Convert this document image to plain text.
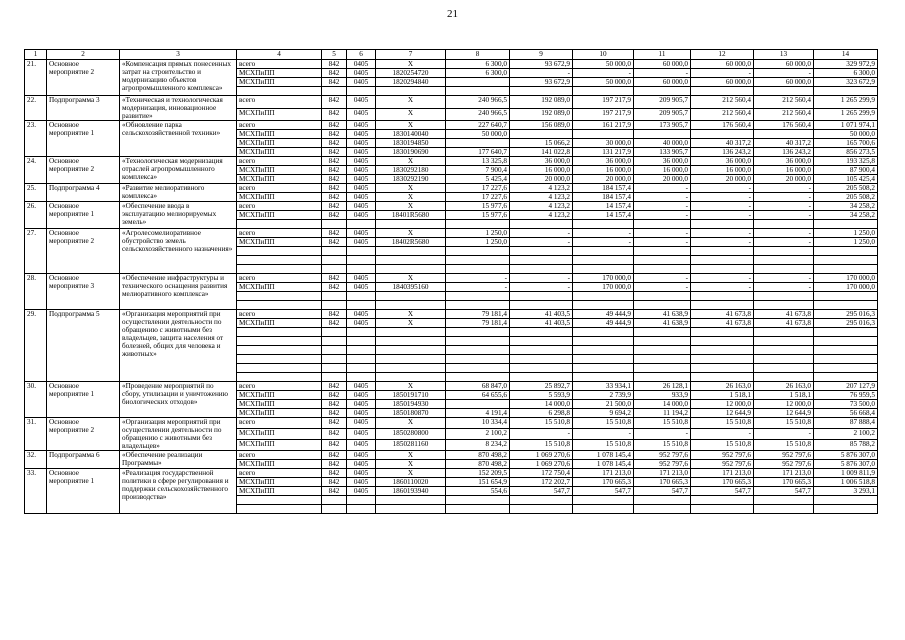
21
1	2	3	4	5	6	7	8	9	10	11	12	13	14
21.	Основное мероприятие 2	«Компенсация прямых понесенных затрат на строительство и модернизацию объектов агропромышленного комплекса»	всего	842	0405	X	6 300,0	93 672,9	50 000,0	60 000,0	60 000,0	60 000,0	329 972,9
			МСХПиПП	842	0405	1820254720	6 300,0	-	-	-	-	-	6 300,0
			МСХПиПП	842	0405	1820294840		93 672,9	50 000,0	60 000,0	60 000,0	60 000,0	323 672,9

22.	Подпрограмма 3	«Техническая и технологическая модернизация, инновационное развитие»	всего	842	0405	X	240 966,5	192 089,0	197 217,9	209 905,7	212 560,4	212 560,4	1 265 299,9
			МСХПиПП	842	0405	X	240 966,5	192 089,0	197 217,9	209 905,7	212 560,4	212 560,4	1 265 299,9
23.	Основное мероприятие 1	«Обновление парка сельскохозяйственной техники»	всего	842	0405	X	227 640,7	156 089,0	161 217,9	173 905,7	176 560,4	176 560,4	1 071 974,1
			МСХПиПП	842	0405	1830140040	50 000,0						50 000,0
			МСХПиПП	842	0405	1830194850		15 066,2	30 000,0	40 000,0	40 317,2	40 317,2	165 700,6
			МСХПиПП	842	0405	1830190690	177 640,7	141 022,8	131 217,9	133 905,7	136 243,2	136 243,2	856 273,5
24.	Основное мероприятие 2	«Технологическая модернизация отраслей агропромышленного комплекса»	всего	842	0405	X	13 325,8	36 000,0	36 000,0	36 000,0	36 000,0	36 000,0	193 325,8
			МСХПиПП	842	0405	1830292180	7 900,4	16 000,0	16 000,0	16 000,0	16 000,0	16 000,0	87 900,4
			МСХПиПП	842	0405	1830292190	5 425,4	20 000,0	20 000,0	20 000,0	20 000,0	20 000,0	105 425,4
25.	Подпрограмма 4	«Развитие мелиоративного комплекса»	всего	842	0405	X	17 227,6	4 123,2	184 157,4	-	-	-	205 508,2
			МСХПиПП	842	0405	X	17 227,6	4 123,2	184 157,4	-	-	-	205 508,2
26.	Основное мероприятие 1	«Обеспечение ввода в эксплуатацию мелиорируемых земель»	всего	842	0405	X	15 977,6	4 123,2	14 157,4	-	-	-	34 258,2
			МСХПиПП	842	0405	18401R5680	15 977,6	4 123,2	14 157,4	-	-	-	34 258,2

27.	Основное мероприятие 2	«Агролесомелиоративное обустройство земель сельскохозяйственного назначения»	всего	842	0405	X	1 250,0	-	-	-	-	-	1 250,0
			МСХПиПП	842	0405	18402R5680	1 250,0	-	-	-	-	-	1 250,0

28.	Основное мероприятие 3	«Обеспечение инфраструктуры и технического оснащения развития мелиоративного комплекса»	всего	842	0405	X	-	-	170 000,0	-	-	-	170 000,0
			МСХПиПП	842	0405	1840395160	-	-	170 000,0	-	-	-	170 000,0

29.	Подпрограмма 5	«Организация мероприятий при осуществлении деятельности по обращению с животными без владельцев, защита населения от болезней, общих для человека и животных»	всего	842	0405	X	79 181,4	41 403,5	49 444,9	41 638,9	41 673,8	41 673,8	295 016,3
			МСХПиПП	842	0405	X	79 181,4	41 403,5	49 444,9	41 638,9	41 673,8	41 673,8	295 016,3

30.	Основное мероприятие 1	«Проведение мероприятий по сбору, утилизации и уничтожению биологических отходов»	всего	842	0405	X	68 847,0	25 892,7	33 934,1	26 128,1	26 163,0	26 163,0	207 127,9
			МСХПиПП	842	0405	1850191710	64 655,6	5 593,9	2 739,9	933,9	1 518,1	1 518,1	76 959,5
			МСХПиПП	842	0405	1850194930		14 000,0	21 500,0	14 000,0	12 000,0	12 000,0	73 500,0
			МСХПиПП	842	0405	1850180870	4 191,4	6 298,8	9 694,2	11 194,2	12 644,9	12 644,9	56 668,4
31.	Основное мероприятие 2	«Организация мероприятий при осуществлении деятельности по обращению с животными без владельцев»	всего	842	0405	X	10 334,4	15 510,8	15 510,8	15 510,8	15 510,8	15 510,8	87 888,4
			МСХПиПП	842	0405	1850280800	2 100,2	-	-	-	-	-	2 100,2
			МСХПиПП	842	0405	1850281160	8 234,2	15 510,8	15 510,8	15 510,8	15 510,8	15 510,8	85 788,2
32.	Подпрограмма 6	«Обеспечение реализации Программы»	всего	842	0405	X	870 498,2	1 069 270,6	1 078 145,4	952 797,6	952 797,6	952 797,6	5 876 307,0
			МСХПиПП	842	0405	X	870 498,2	1 069 270,6	1 078 145,4	952 797,6	952 797,6	952 797,6	5 876 307,0
33.	Основное мероприятие 1	«Реализация государственной политики в сфере регулирования и поддержки сельскохозяйственного производства»	всего	842	0405	X	152 209,5	172 750,4	171 213,0	171 213,0	171 213,0	171 213,0	1 009 811,9
			МСХПиПП	842	0405	1860110020	151 654,9	172 202,7	170 665,3	170 665,3	170 665,3	170 665,3	1 006 518,8
			МСХПиПП	842	0405	1860193940	554,6	547,7	547,7	547,7	547,7	547,7	3 293,1
